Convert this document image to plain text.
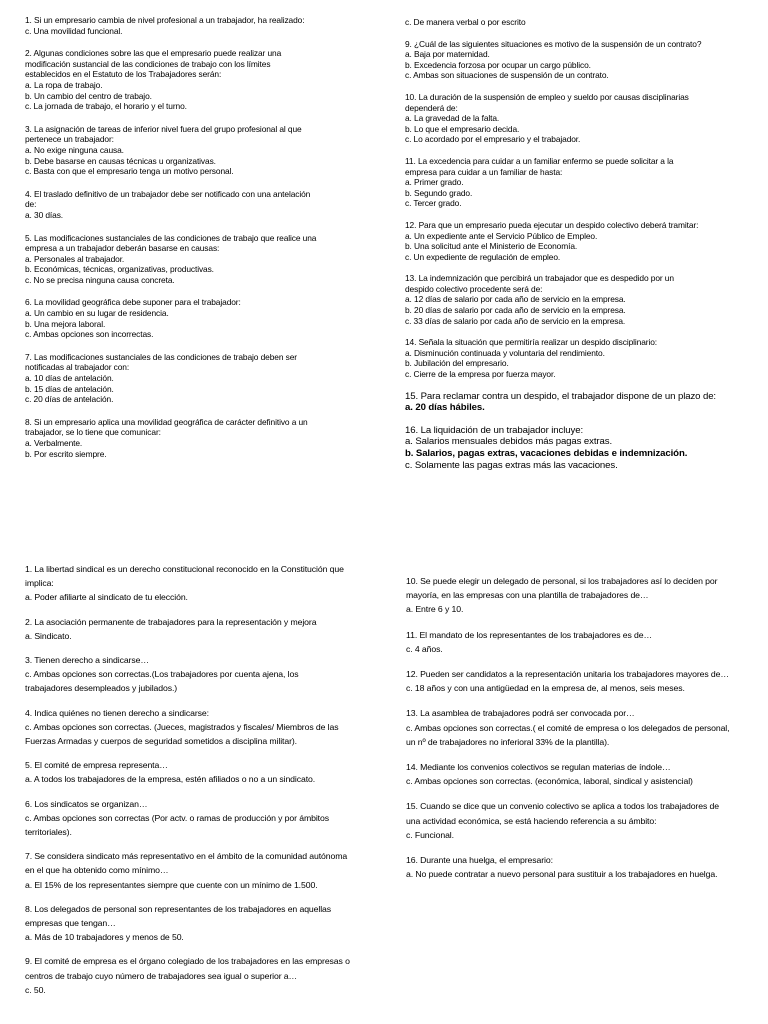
1. Si un empresario cambia de nivel profesional a un trabajador, ha realizado:
c. Una movilidad funcional.
2. Algunas condiciones sobre las que el empresario puede realizar una
modificación sustancial de las condiciones de trabajo con los límites
establecidos en el Estatuto de los Trabajadores serán:
a. La ropa de trabajo.
b. Un cambio del centro de trabajo.
c. La jornada de trabajo, el horario y el turno.
3. La asignación de tareas de inferior nivel fuera del grupo profesional al que
pertenece un trabajador:
a. No exige ninguna causa.
b. Debe basarse en causas técnicas u organizativas.
c. Basta con que el empresario tenga un motivo personal.
4. El traslado definitivo de un trabajador debe ser notificado con una antelación
de:
a. 30 días.
5. Las modificaciones sustanciales de las condiciones de trabajo que realice una
empresa a un trabajador deberán basarse en causas:
a. Personales al trabajador.
b. Económicas, técnicas, organizativas, productivas.
c. No se precisa ninguna causa concreta.
6. La movilidad geográfica debe suponer para el trabajador:
a. Un cambio en su lugar de residencia.
b. Una mejora laboral.
c. Ambas opciones son incorrectas.
7. Las modificaciones sustanciales de las condiciones de trabajo deben ser
notificadas al trabajador con:
a. 10 días de antelación.
b. 15 días de antelación.
c. 20 días de antelación.
8. Si un empresario aplica una movilidad geográfica de carácter definitivo a un
trabajador, se lo tiene que comunicar:
a. Verbalmente.
b. Por escrito siempre.
c. De manera verbal o por escrito
9. ¿Cuál de las siguientes situaciones es motivo de la suspensión de un contrato?
a. Baja por maternidad.
b. Excedencia forzosa por ocupar un cargo público.
c. Ambas son situaciones de suspensión de un contrato.
10. La duración de la suspensión de empleo y sueldo por causas disciplinarias
dependerá de:
a. La gravedad de la falta.
b. Lo que el empresario decida.
c. Lo acordado por el empresario y el trabajador.
11. La excedencia para cuidar a un familiar enfermo se puede solicitar a la
empresa para cuidar a un familiar de hasta:
a. Primer grado.
b. Segundo grado.
c. Tercer grado.
12. Para que un empresario pueda ejecutar un despido colectivo deberá tramitar:
a. Un expediente ante el Servicio Público de Empleo.
b. Una solicitud ante el Ministerio de Economía.
c. Un expediente de regulación de empleo.
13. La indemnización que percibirá un trabajador que es despedido por un
despido colectivo procedente será de:
a. 12 días de salario por cada año de servicio en la empresa.
b. 20 días de salario por cada año de servicio en la empresa.
c. 33 días de salario por cada año de servicio en la empresa.
14. Señala la situación que permitiría realizar un despido disciplinario:
a. Disminución continuada y voluntaria del rendimiento.
b. Jubilación del empresario.
c. Cierre de la empresa por fuerza mayor.
15. Para reclamar contra un despido, el trabajador dispone de un plazo de:
a. 20 días hábiles.
16. La liquidación de un trabajador incluye:
a. Salarios mensuales debidos más pagas extras.
b. Salarios, pagas extras, vacaciones debidas e indemnización.
c. Solamente las pagas extras más las vacaciones.
1. La libertad sindical es un derecho constitucional reconocido en la Constitución que
implica:
a. Poder afiliarte al sindicato de tu elección.
2. La asociación permanente de trabajadores para la representación y mejora
a. Sindicato.
3. Tienen derecho a sindicarse…
c. Ambas opciones son correctas.(Los trabajadores por cuenta ajena, los
trabajadores desempleados y jubilados.)
4. Indica quiénes no tienen derecho a sindicarse:
c. Ambas opciones son correctas. (Jueces, magistrados y fiscales/ Miembros de las
Fuerzas Armadas y cuerpos de seguridad sometidos a disciplina militar).
5. El comité de empresa representa…
a. A todos los trabajadores de la empresa, estén afiliados o no a un sindicato.
6. Los sindicatos se organizan…
c. Ambas opciones son correctas (Por actv. o ramas de producción y por ámbitos
territoriales).
7. Se considera sindicato más representativo en el ámbito de la comunidad autónoma
en el que ha obtenido como mínimo…
a. El 15% de los representantes siempre que cuente con un mínimo de 1.500.
8. Los delegados de personal son representantes de los trabajadores en aquellas
empresas que tengan…
a. Más de 10 trabajadores y menos de 50.
9. El comité de empresa es el órgano colegiado de los trabajadores en las empresas o
centros de trabajo cuyo número de trabajadores sea igual o superior a…
c. 50.
10. Se puede elegir un delegado de personal, si los trabajadores así lo deciden por
mayoría, en las empresas con una plantilla de trabajadores de…
a. Entre 6 y 10.
11. El mandato de los representantes de los trabajadores es de…
c. 4 años.
12. Pueden ser candidatos a la representación unitaria los trabajadores mayores de…
c. 18 años y con una antigüedad en la empresa de, al menos, seis meses.
13. La asamblea de trabajadores podrá ser convocada por…
c. Ambas opciones son correctas.( el comité de empresa o los delegados de personal,
un nº de trabajadores no inferioral 33% de la plantilla).
14. Mediante los convenios colectivos se regulan materias de índole…
c. Ambas opciones son correctas. (económica, laboral, sindical y asistencial)
15. Cuando se dice que un convenio colectivo se aplica a todos los trabajadores de
una actividad económica, se está haciendo referencia a su ámbito:
c. Funcional.
16. Durante una huelga, el empresario:
a. No puede contratar a nuevo personal para sustituir a los trabajadores en huelga.
